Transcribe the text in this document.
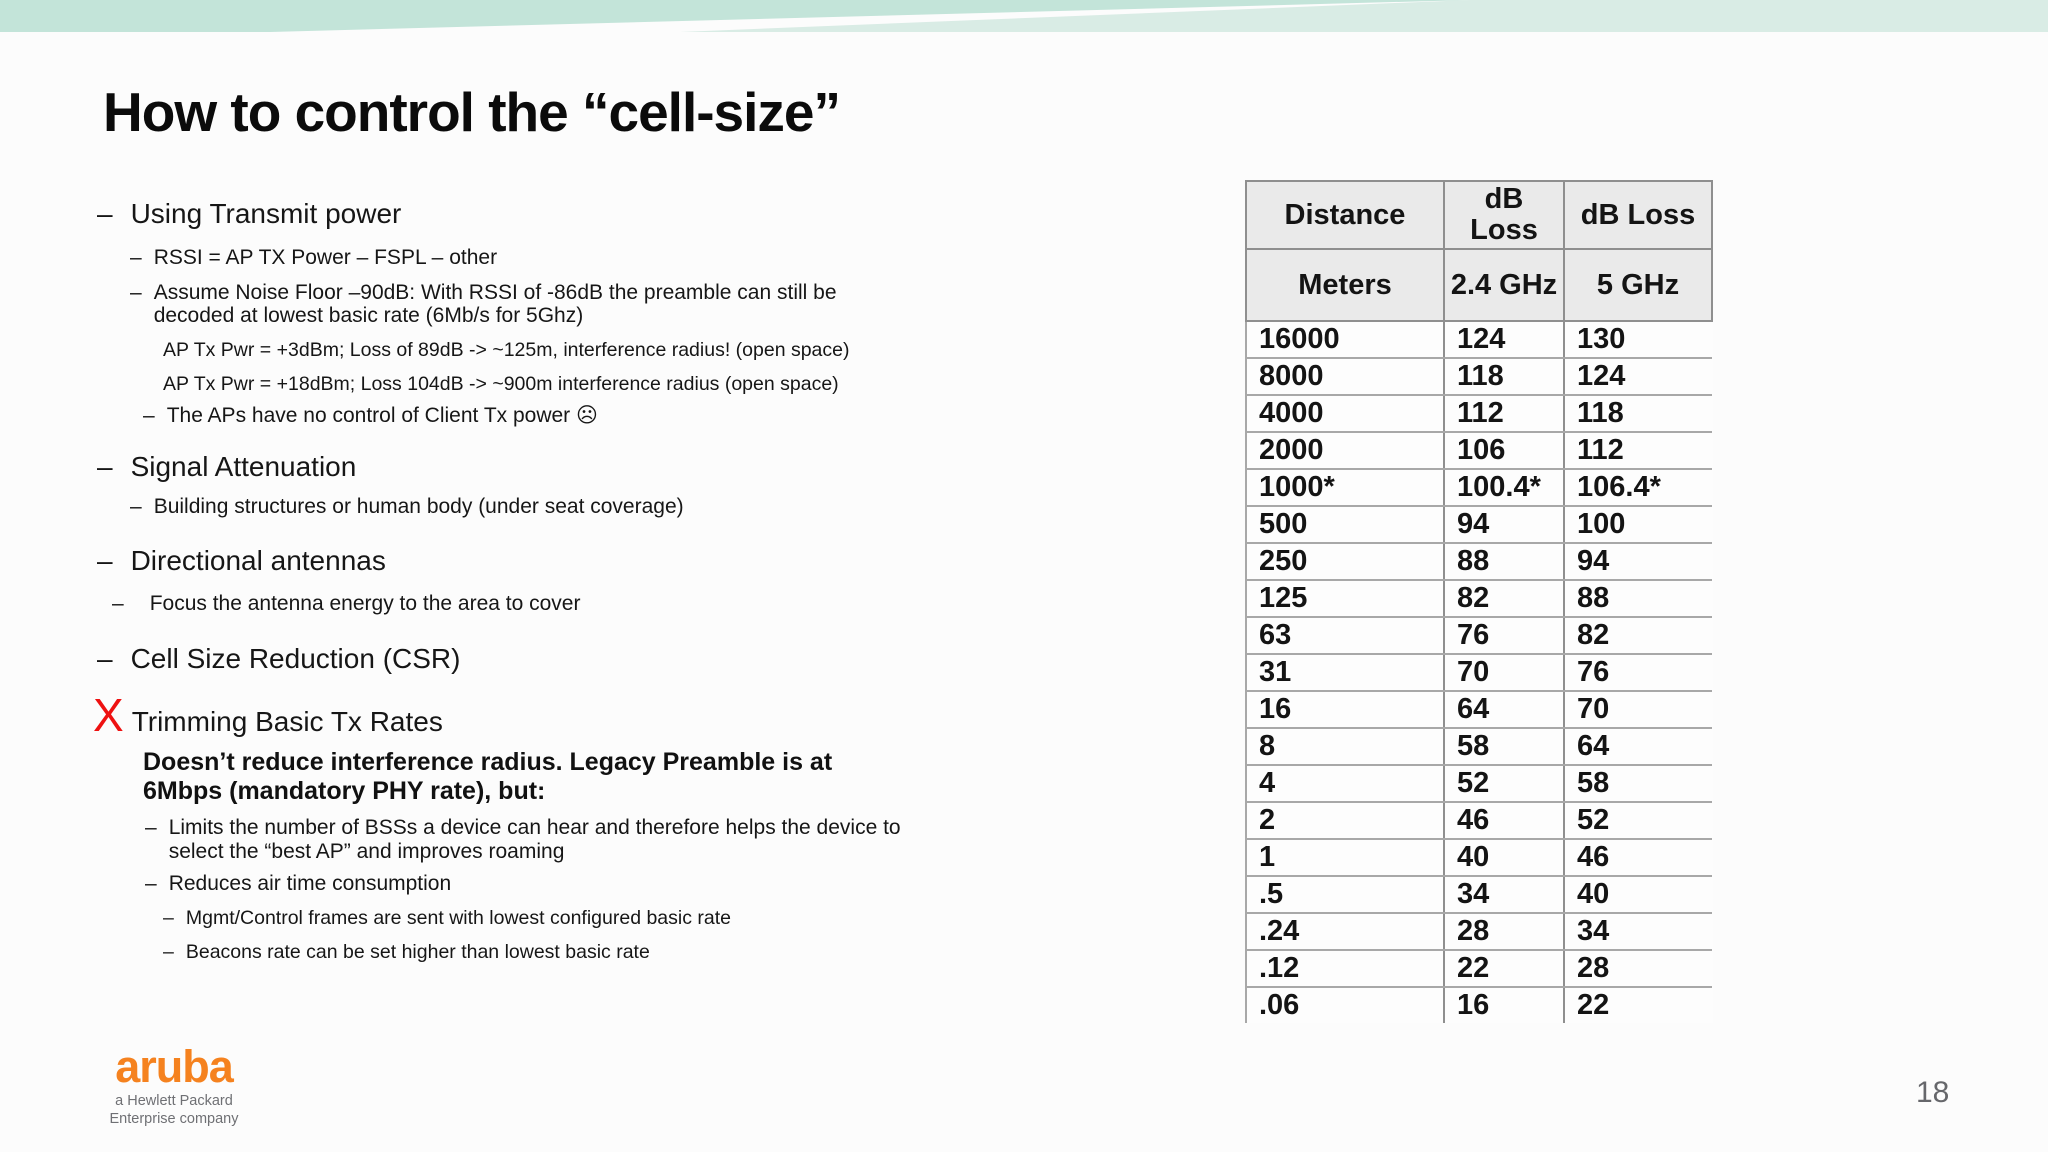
How to control the “cell-size”
– Using Transmit power
– RSSI = AP TX Power – FSPL – other
– Assume Noise Floor –90dB: With RSSI of -86dB the preamble can still be decoded at lowest basic rate (6Mb/s for 5Ghz)
AP Tx Pwr = +3dBm; Loss of 89dB -> ~125m, interference radius! (open space)
AP Tx Pwr = +18dBm; Loss 104dB -> ~900m interference radius (open space)
– The APs have no control of Client Tx power ☹
– Signal Attenuation
– Building structures or human body (under seat coverage)
– Directional antennas
– Focus the antenna energy to the area to cover
– Cell Size Reduction (CSR)
X Trimming Basic Tx Rates
Doesn’t reduce interference radius. Legacy Preamble is at 6Mbps (mandatory PHY rate), but:
– Limits the number of BSSs a device can hear and therefore helps the device to select the “best AP” and improves roaming
– Reduces air time consumption
– Mgmt/Control frames are sent with lowest configured basic rate
– Beacons rate can be set higher than lowest basic rate
Distance	dB Loss	dB Loss
Meters	2.4 GHz	5 GHz
16000	124	130
8000	118	124
4000	112	118
2000	106	112
1000*	100.4*	106.4*
500	94	100
250	88	94
125	82	88
63	76	82
31	70	76
16	64	70
8	58	64
4	52	58
2	46	52
1	40	46
.5	34	40
.24	28	34
.12	22	28
.06	16	22
aruba
a Hewlett Packard
Enterprise company
18
